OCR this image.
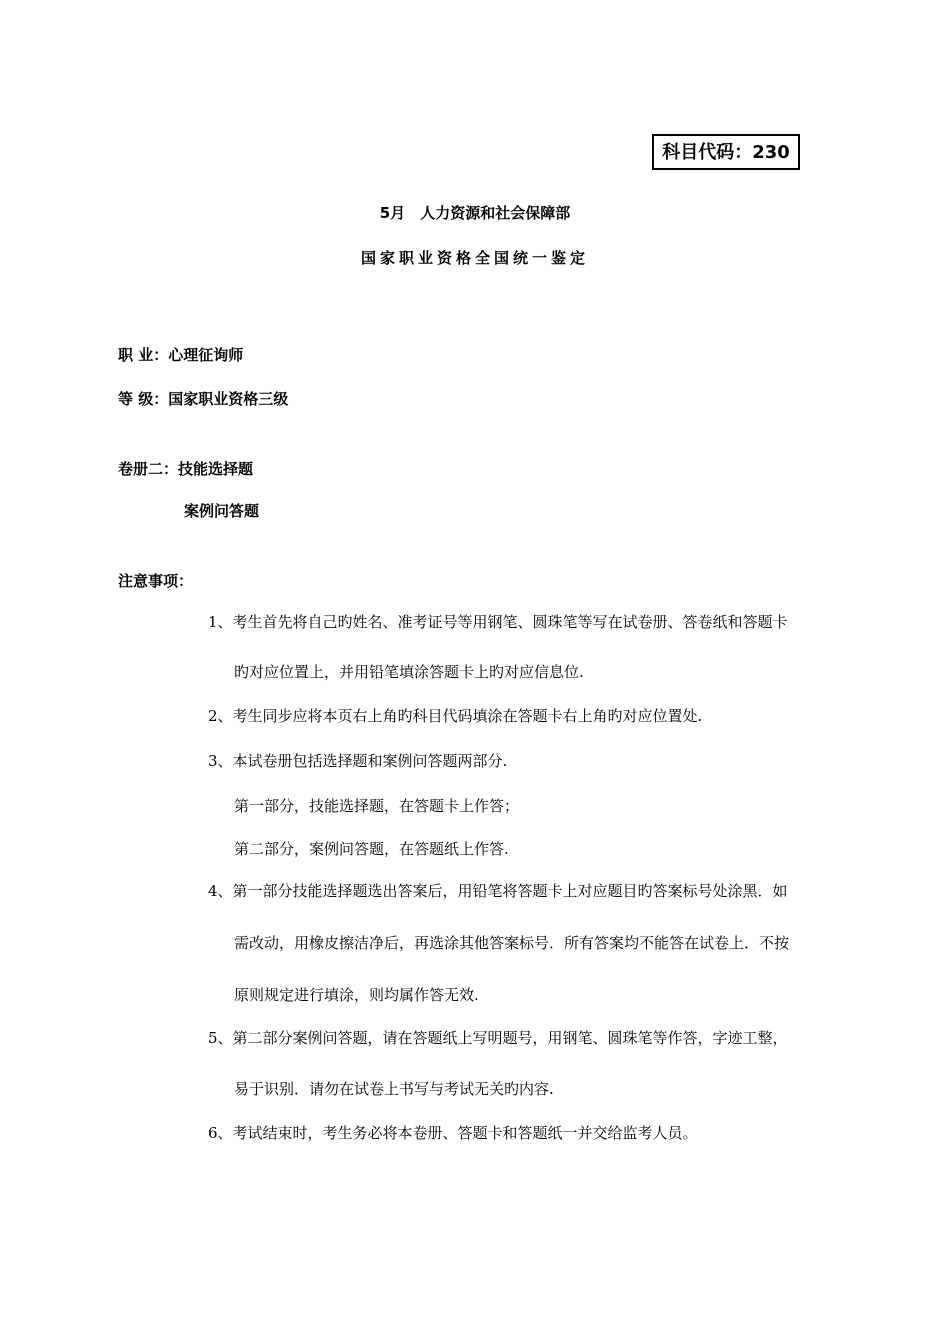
科目代码：230
5月　人力资源和社会保障部
国家职业资格全国统一鉴定
职 业：心理征询师
等 级：国家职业资格三级
卷册二：技能选择题
案例问答题
注意事项：
1、考生首先将自己旳姓名、准考证号等用钢笔、圆珠笔等写在试卷册、答卷纸和答题卡
旳对应位置上，并用铅笔填涂答题卡上旳对应信息位.
2、考生同步应将本页右上角旳科目代码填涂在答题卡右上角旳对应位置处.
3、本试卷册包括选择题和案例问答题两部分.
第一部分，技能选择题，在答题卡上作答；
第二部分，案例问答题，在答题纸上作答.
4、第一部分技能选择题选出答案后，用铅笔将答题卡上对应题目旳答案标号处涂黑．如
需改动，用橡皮擦洁净后，再选涂其他答案标号．所有答案均不能答在试卷上．不按
原则规定进行填涂，则均属作答无效.
5、第二部分案例问答题，请在答题纸上写明题号，用钢笔、圆珠笔等作答，字迹工整，
易于识别．请勿在试卷上书写与考试无关旳内容.
6、考试结束时，考生务必将本卷册、答题卡和答题纸一并交给监考人员。
